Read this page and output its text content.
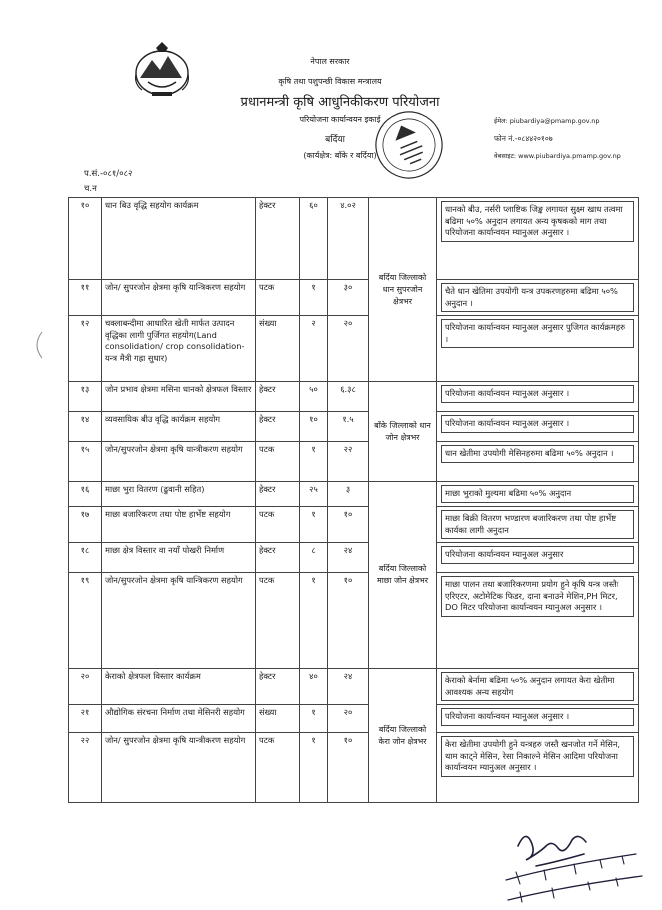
नेपाल सरकार
कृषि तथा पशुपन्छी विकास मन्त्रालय
प्रधानमन्त्री कृषि आधुनिकीकरण परियोजना
परियोजना कार्यान्वयन इकाई
बर्दिया
(कार्यक्षेत्र: बाँके र बर्दिया)
ईमेल: piubardiya@pmamp.gov.np
फोन नं.-०८४४२०१०७
वेबसाइट: www.piubardiya.pmamp.gov.np
प.सं.-०८१/०८२
च.न
१०	धान बिउ वृद्धि सहयोग कार्यक्रम	हेक्टर	६०	४.०२	बर्दिया जिल्लाको धान सुपरजोन क्षेत्रभर	धानको बीउ, नर्सरी प्लाष्टिक जिङ्क लगायत सुक्ष्म खाध तत्वमा बढिमा ५०% अनुदान लगायत अन्य कृषकको माग तथा परियोजना कार्यान्वयन म्यानुअल अनुसार ।

११	जोन/ सुपरजोन क्षेत्रमा कृषि यान्त्रिकरण सहयोग	पटक	१	३०		चैते धान खेतिमा उपयोगी यन्त्र उपकरणहरुमा बढिमा ५०% अनुदान ।

१२	चक्लाबन्दीमा आधारित खेती मार्फत उत्पादन वृद्धिका लागी पुर्जिगत सहयोग(Land consolidation/ crop consolidation- यन्त्र मैत्री गह्रा सुधार)	संख्या	२	२०		परियोजना कार्यान्वयन म्यानुअल अनुसार पुजिगत कार्यक्रमहरु ।

१३	जोन प्रभाव क्षेत्रमा मसिना धानको क्षेत्रफल विस्तार	हेक्टर	५०	६.३८	बाँके जिल्लाको धान जोन क्षेत्रभर	परियोजना कार्यान्वयन म्यानुअल अनुसार ।

१४	व्यवसायिक बीउ वृद्धि कार्यक्रम सहयोग	हेक्टर	१०	१.५		परियोजना कार्यान्वयन म्यानुअल अनुसार ।

१५	जोन/सुपरजोन क्षेत्रमा कृषि यान्त्रीकरण सहयोग	पटक	१	२२		धान खेतीमा उपयोगी मेसिनहरुमा बढिमा ५०% अनुदान ।

१६	माछा भुरा वितरण (ढुवानी सहित)	हेक्टर	२५	३	बर्दिया जिल्लाको माछा जोन क्षेत्रभर	माछा भुराको मुल्यमा बढिमा ५०% अनुदान

१७	माछा बजारिकरण तथा पोष्ट हार्भेष्ट सहयोग	पटक	१	१०		माछा बिक्री वितरण भण्डारण बजारिकरण तथा पोष्ट हार्भेष्ट कार्यका लागी अनुदान

१८	माछा क्षेत्र विस्तार वा नयाँ पोखरी निर्माण	हेक्टर	८	२४		परियोजना कार्यान्वयन म्यानुअल अनुसार

१९	जोन/सुपरजोन क्षेत्रमा कृषि यान्त्रिकरण सहयोग	पटक	१	१०		माछा पालन तथा बजारिकरणमा प्रयोग हुने कृषि यन्त्र जस्तैः एरिएटर, अटोमेटिक फिडर, दाना बनाउने मेशिन,PH मिटर, DO मिटर परियोजना कार्यान्वयन म्यानुअल अनुसार ।

२०	केराको क्षेत्रफल विस्तार कार्यक्रम	हेक्टर	४०	२४	बर्दिया जिल्लाको केरा जोन क्षेत्रभर	केराको बेर्नामा बढिमा ५०% अनुदान लगायत केरा खेतीमा आवश्यक अन्य सहयोग

२१	औद्योगिक संरचना निर्माण तथा मेसिनरी सहयोग	संख्या	१	२०		परियोजना कार्यान्वयन म्यानुअल अनुसार ।

२२	जोन/ सुपरजोन क्षेत्रमा कृषि यान्त्रीकरण सहयोग	पटक	१	१०		केरा खेतीमा उपयोगी हुने यन्त्रहरु जस्तै खनजोत गर्ने मेसिन, थाम काट्ने मेसिन, रेसा निकाल्ने मेसिन आदिमा परियोजना कार्यान्वयन म्यानुअल अनुसार ।
